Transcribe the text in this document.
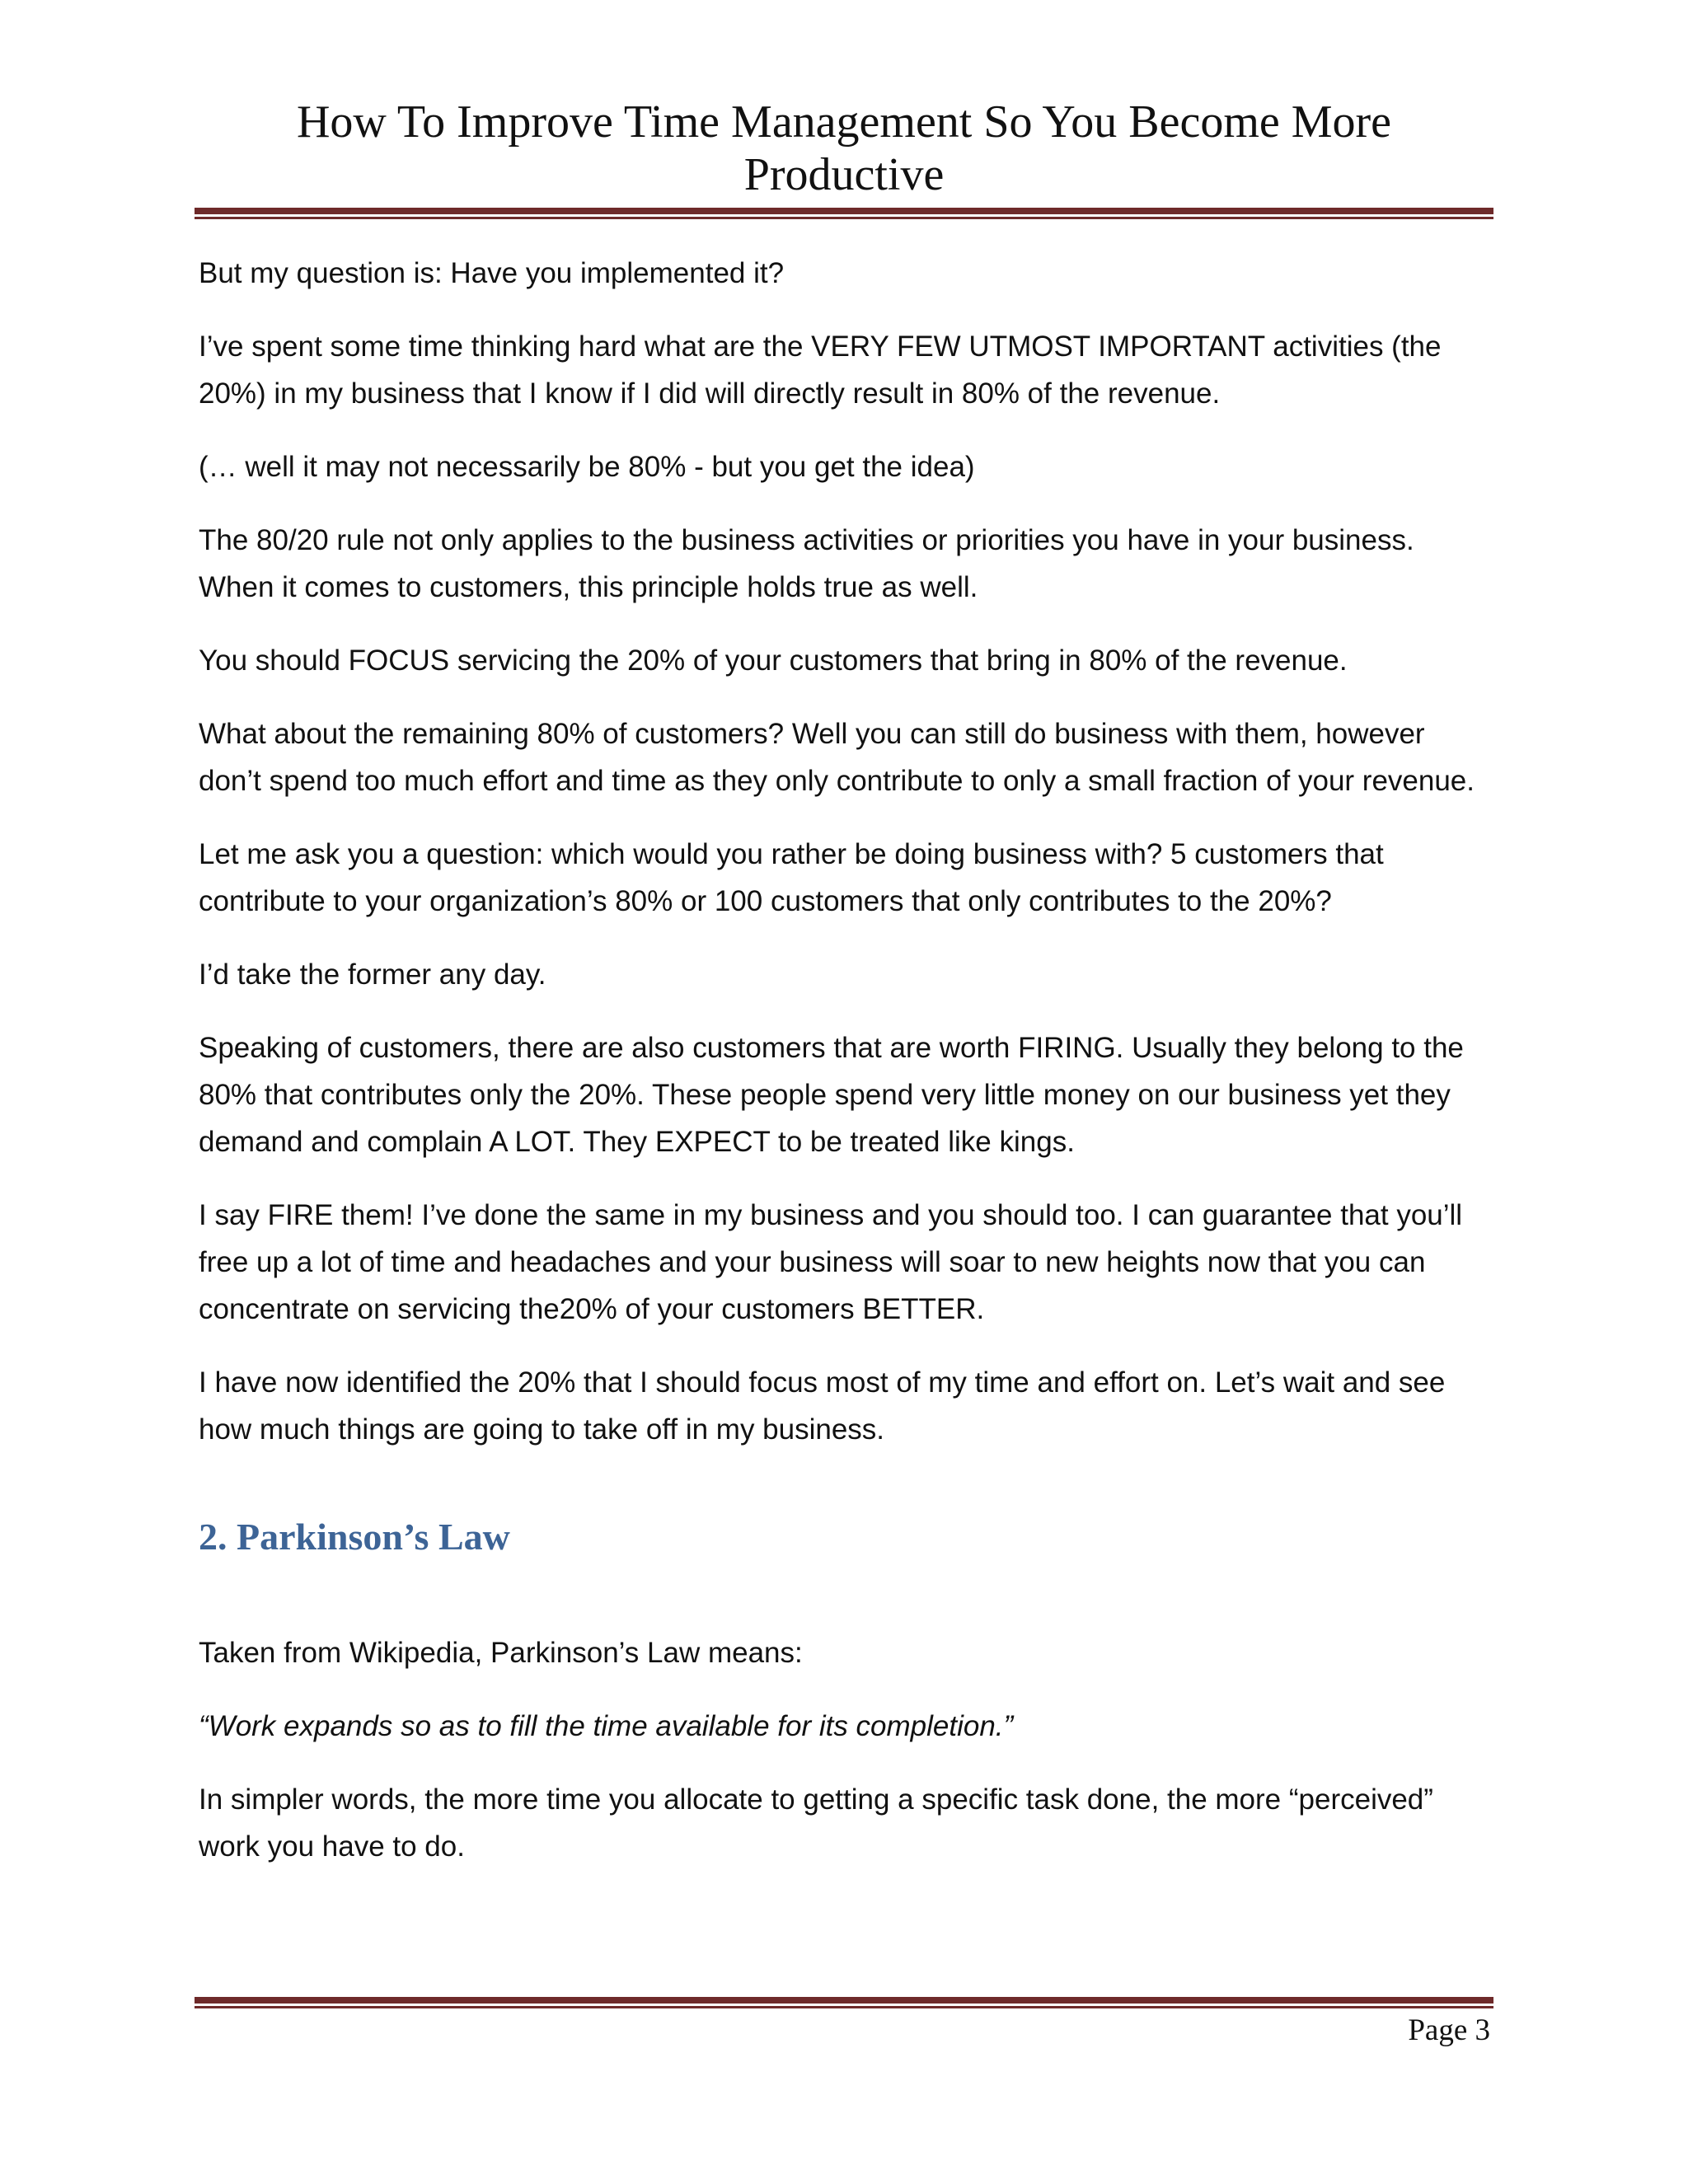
How To Improve Time Management So You Become More Productive

But my question is: Have you implemented it?

I’ve spent some time thinking hard what are the VERY FEW UTMOST IMPORTANT activities (the 20%) in my business that I know if I did will directly result in 80% of the revenue.

(… well it may not necessarily be 80% - but you get the idea)

The 80/20 rule not only applies to the business activities or priorities you have in your business. When it comes to customers, this principle holds true as well.

You should FOCUS servicing the 20% of your customers that bring in 80% of the revenue.

What about the remaining 80% of customers? Well you can still do business with them, however don’t spend too much effort and time as they only contribute to only a small fraction of your revenue.

Let me ask you a question: which would you rather be doing business with? 5 customers that contribute to your organization’s 80% or 100 customers that only contributes to the 20%?

I’d take the former any day.

Speaking of customers, there are also customers that are worth FIRING. Usually they belong to the 80% that contributes only the 20%. These people spend very little money on our business yet they demand and complain A LOT. They EXPECT to be treated like kings.

I say FIRE them! I’ve done the same in my business and you should too. I can guarantee that you’ll free up a lot of time and headaches and your business will soar to new heights now that you can concentrate on servicing the20% of your customers BETTER.

I have now identified the 20% that I should focus most of my time and effort on. Let’s wait and see how much things are going to take off in my business.

2. Parkinson’s Law

Taken from Wikipedia, Parkinson’s Law means:

“Work expands so as to fill the time available for its completion.”

In simpler words, the more time you allocate to getting a specific task done, the more “perceived” work you have to do.

Page 3
